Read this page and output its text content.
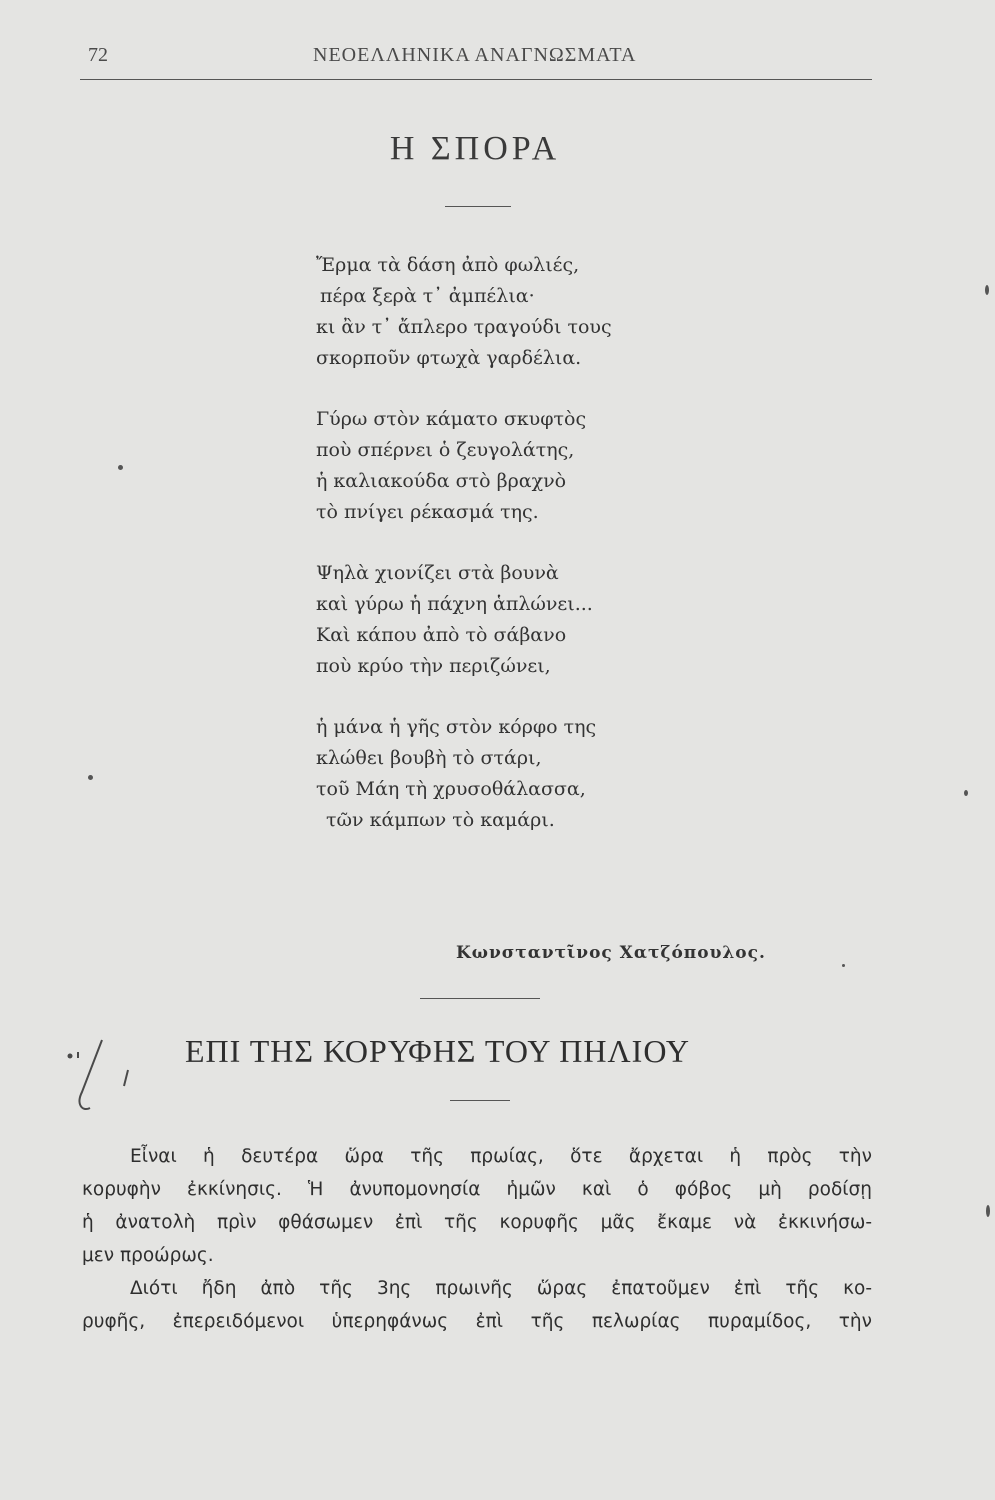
72	ΝΕΟΕΛΛΗΝΙΚΑ ΑΝΑΓΝΩΣΜΑΤΑ
Η ΣΠΟΡΑ
Ἔρμα τὰ δάση ἀπὸ φωλιές,
πέρα ξερὰ τ᾽ ἀμπέλια·
κι ἂν τ᾽ ἄπλερο τραγούδι τους
σκορποῦν φτωχὰ γαρδέλια.
Γύρω στὸν κάματο σκυφτὸς
ποὺ σπέρνει ὁ ζευγολάτης,
ἡ καλιακούδα στὸ βραχνὸ
τὸ πνίγει ρέκασμά της.
Ψηλὰ χιονίζει στὰ βουνὰ
καὶ γύρω ἡ πάχνη ἁπλώνει...
Καὶ κάπου ἀπὸ τὸ σάβανο
ποὺ κρύο τὴν περιζώνει,
ἡ μάνα ἡ γῆς στὸν κόρφο της
κλώθει βουβὴ τὸ στάρι,
τοῦ Μάη τὴ χρυσοθάλασσα,
τῶν κάμπων τὸ καμάρι.
Κωνσταντῖνος Χατζόπουλος.
ΕΠΙ ΤΗΣ ΚΟΡΥΦΗΣ ΤΟΥ ΠΗΛΙΟΥ
Εἶναι ἡ δευτέρα ὥρα τῆς πρωίας, ὅτε ἄρχεται ἡ πρὸς τὴν
κορυφὴν ἐκκίνησις. Ἡ ἀνυπομονησία ἡμῶν καὶ ὁ φόβος μὴ ροδίσῃ
ἡ ἀνατολὴ πρὶν φθάσωμεν ἐπὶ τῆς κορυφῆς μᾶς ἔκαμε νὰ ἐκκινήσω-
μεν προώρως.
Διότι ἤδη ἀπὸ τῆς 3ης πρωινῆς ὥρας ἐπατοῦμεν ἐπὶ τῆς κο-
ρυφῆς, ἐπερειδόμενοι ὑπερηφάνως ἐπὶ τῆς πελωρίας πυραμίδος, τὴν
